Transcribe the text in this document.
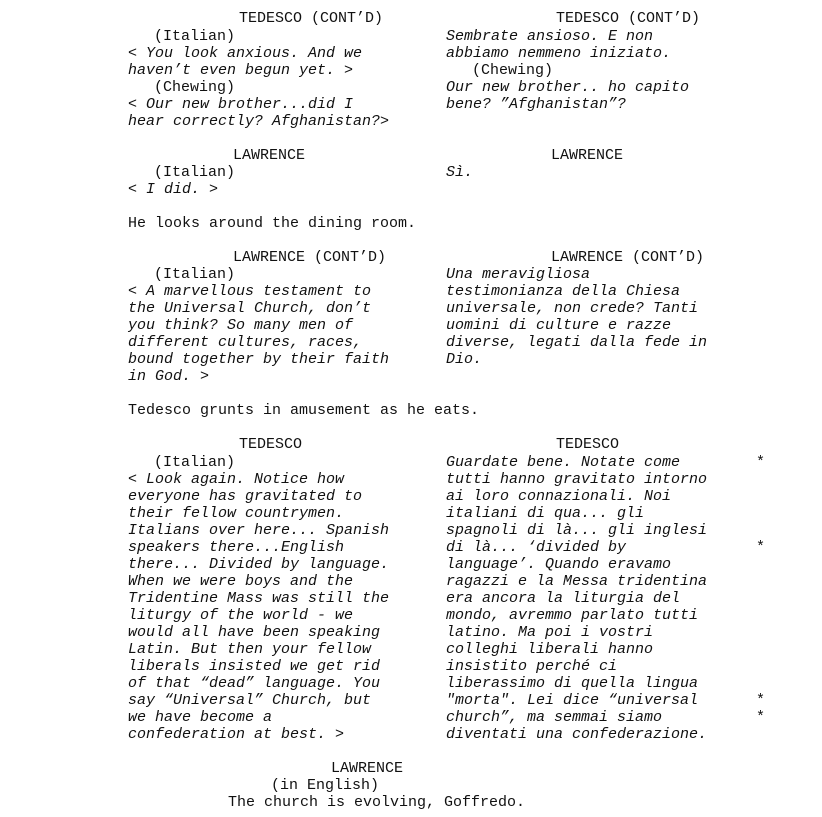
TEDESCO (CONT’D)
(Italian)
< You look anxious. And we
haven’t even begun yet. >
(Chewing)
< Our new brother...did I
hear correctly? Afghanistan?>
TEDESCO (CONT’D)
Sembrate ansioso. E non
abbiamo nemmeno iniziato.
(Chewing)
Our new brother.. ho capito
bene? ”Afghanistan”?
LAWRENCE
(Italian)
< I did. >
LAWRENCE
Sì.
He looks around the dining room.
LAWRENCE (CONT’D)
(Italian)
< A marvellous testament to
the Universal Church, don’t
you think? So many men of
different cultures, races,
bound together by their faith
in God. >
LAWRENCE (CONT’D)
Una meravigliosa
testimonianza della Chiesa
universale, non crede? Tanti
uomini di culture e razze
diverse, legati dalla fede in
Dio.
Tedesco grunts in amusement as he eats.
TEDESCO
(Italian)
< Look again. Notice how
everyone has gravitated to
their fellow countrymen.
Italians over here... Spanish
speakers there...English
there... Divided by language.
When we were boys and the
Tridentine Mass was still the
liturgy of the world - we
would all have been speaking
Latin. But then your fellow
liberals insisted we get rid
of that “dead” language. You
say “Universal” Church, but
we have become a
confederation at best. >
TEDESCO
Guardate bene. Notate come
tutti hanno gravitato intorno
ai loro connazionali. Noi
italiani di qua... gli
spagnoli di là... gli inglesi
di là... ‘divided by
language’. Quando eravamo
ragazzi e la Messa tridentina
era ancora la liturgia del
mondo, avremmo parlato tutti
latino. Ma poi i vostri
colleghi liberali hanno
insistito perché ci
liberassimo di quella lingua
"morta". Lei dice “universal
church”, ma semmai siamo
diventati una confederazione.
*
*
*
*
LAWRENCE
(in English)
The church is evolving, Goffredo.
